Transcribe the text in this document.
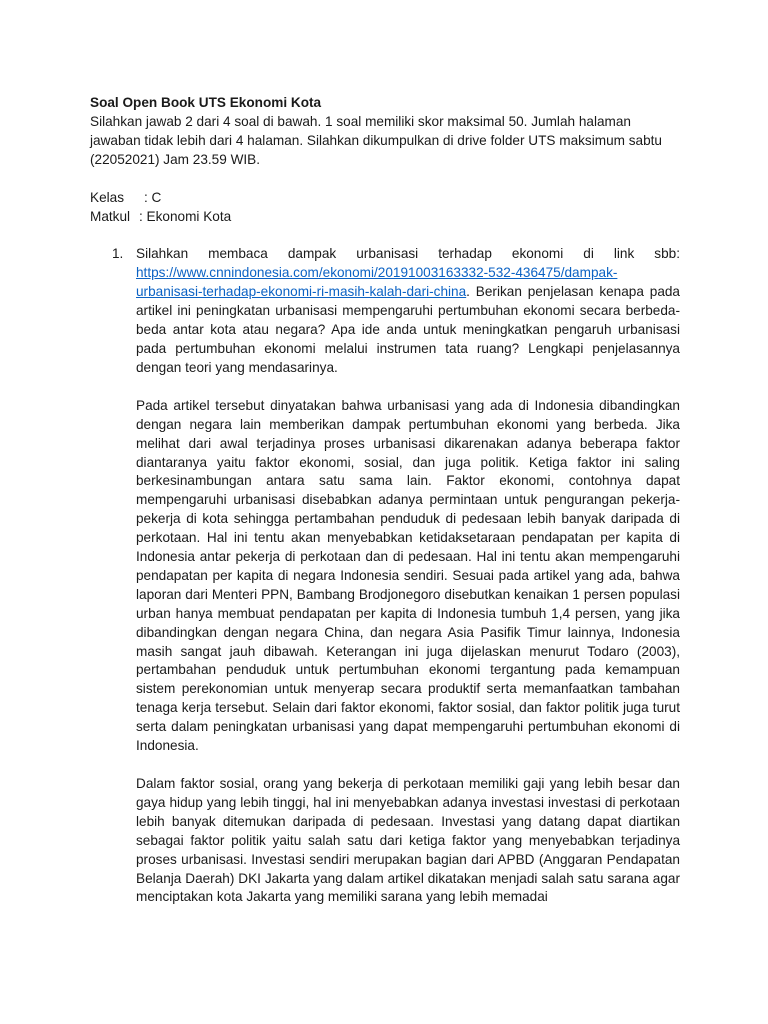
Soal Open Book UTS Ekonomi Kota

Silahkan jawab 2 dari 4 soal di bawah. 1 soal memiliki skor maksimal 50. Jumlah halaman jawaban tidak lebih dari 4 halaman. Silahkan dikumpulkan di drive folder UTS maksimum sabtu (22052021) Jam 23.59 WIB.

Kelas	: C
Matkul : Ekonomi Kota
1. Silahkan membaca dampak urbanisasi terhadap ekonomi di link sbb: https://www.cnnindonesia.com/ekonomi/20191003163332-532-436475/dampak-urbanisasi-terhadap-ekonomi-ri-masih-kalah-dari-china. Berikan penjelasan kenapa pada artikel ini peningkatan urbanisasi mempengaruhi pertumbuhan ekonomi secara berbeda-beda antar kota atau negara? Apa ide anda untuk meningkatkan pengaruh urbanisasi pada pertumbuhan ekonomi melalui instrumen tata ruang? Lengkapi penjelasannya dengan teori yang mendasarinya.

Pada artikel tersebut dinyatakan bahwa urbanisasi yang ada di Indonesia dibandingkan dengan negara lain memberikan dampak pertumbuhan ekonomi yang berbeda. Jika melihat dari awal terjadinya proses urbanisasi dikarenakan adanya beberapa faktor diantaranya yaitu faktor ekonomi, sosial, dan juga politik. Ketiga faktor ini saling berkesinambungan antara satu sama lain. Faktor ekonomi, contohnya dapat mempengaruhi urbanisasi disebabkan adanya permintaan untuk pengurangan pekerja-pekerja di kota sehingga pertambahan penduduk di pedesaan lebih banyak daripada di perkotaan. Hal ini tentu akan menyebabkan ketidaksetaraan pendapatan per kapita di Indonesia antar pekerja di perkotaan dan di pedesaan. Hal ini tentu akan mempengaruhi pendapatan per kapita di negara Indonesia sendiri. Sesuai pada artikel yang ada, bahwa laporan dari Menteri PPN, Bambang Brodjonegoro disebutkan kenaikan 1 persen populasi urban hanya membuat pendapatan per kapita di Indonesia tumbuh 1,4 persen, yang jika dibandingkan dengan negara China, dan negara Asia Pasifik Timur lainnya, Indonesia masih sangat jauh dibawah. Keterangan ini juga dijelaskan menurut Todaro (2003), pertambahan penduduk untuk pertumbuhan ekonomi tergantung pada kemampuan sistem perekonomian untuk menyerap secara produktif serta memanfaatkan tambahan tenaga kerja tersebut. Selain dari faktor ekonomi, faktor sosial, dan faktor politik juga turut serta dalam peningkatan urbanisasi yang dapat mempengaruhi pertumbuhan ekonomi di Indonesia.

Dalam faktor sosial, orang yang bekerja di perkotaan memiliki gaji yang lebih besar dan gaya hidup yang lebih tinggi, hal ini menyebabkan adanya investasi investasi di perkotaan lebih banyak ditemukan daripada di pedesaan. Investasi yang datang dapat diartikan sebagai faktor politik yaitu salah satu dari ketiga faktor yang menyebabkan terjadinya proses urbanisasi. Investasi sendiri merupakan bagian dari APBD (Anggaran Pendapatan Belanja Daerah) DKI Jakarta yang dalam artikel dikatakan menjadi salah satu sarana agar menciptakan kota Jakarta yang memiliki sarana yang lebih memadai
